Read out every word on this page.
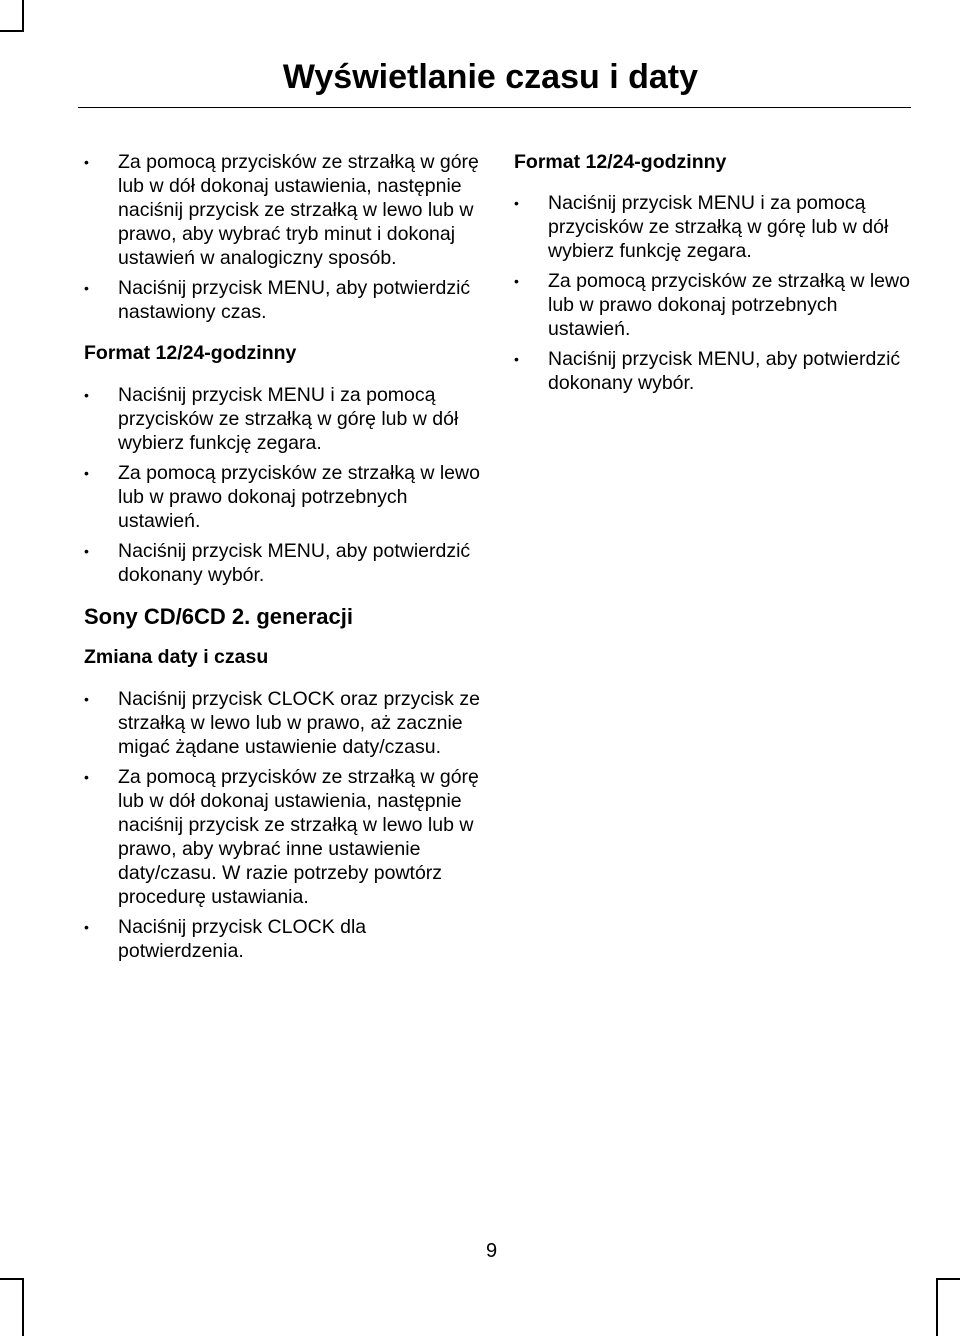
Wyświetlanie czasu i daty
• Za pomocą przycisków ze strzałką w górę lub w dół dokonaj ustawienia, następnie naciśnij przycisk ze strzałką w lewo lub w prawo, aby wybrać tryb minut i dokonaj ustawień w analogiczny sposób.
• Naciśnij przycisk MENU, aby potwierdzić nastawiony czas.

Format 12/24-godzinny

• Naciśnij przycisk MENU i za pomocą przycisków ze strzałką w górę lub w dół wybierz funkcję zegara.
• Za pomocą przycisków ze strzałką w lewo lub w prawo dokonaj potrzebnych ustawień.
• Naciśnij przycisk MENU, aby potwierdzić dokonany wybór.

Sony CD/6CD 2. generacji

Zmiana daty i czasu

• Naciśnij przycisk CLOCK oraz przycisk ze strzałką w lewo lub w prawo, aż zacznie migać żądane ustawienie daty/czasu.
• Za pomocą przycisków ze strzałką w górę lub w dół dokonaj ustawienia, następnie naciśnij przycisk ze strzałką w lewo lub w prawo, aby wybrać inne ustawienie daty/czasu. W razie potrzeby powtórz procedurę ustawiania.
• Naciśnij przycisk CLOCK dla potwierdzenia.

Format 12/24-godzinny

• Naciśnij przycisk MENU i za pomocą przycisków ze strzałką w górę lub w dół wybierz funkcję zegara.
• Za pomocą przycisków ze strzałką w lewo lub w prawo dokonaj potrzebnych ustawień.
• Naciśnij przycisk MENU, aby potwierdzić dokonany wybór.
9
